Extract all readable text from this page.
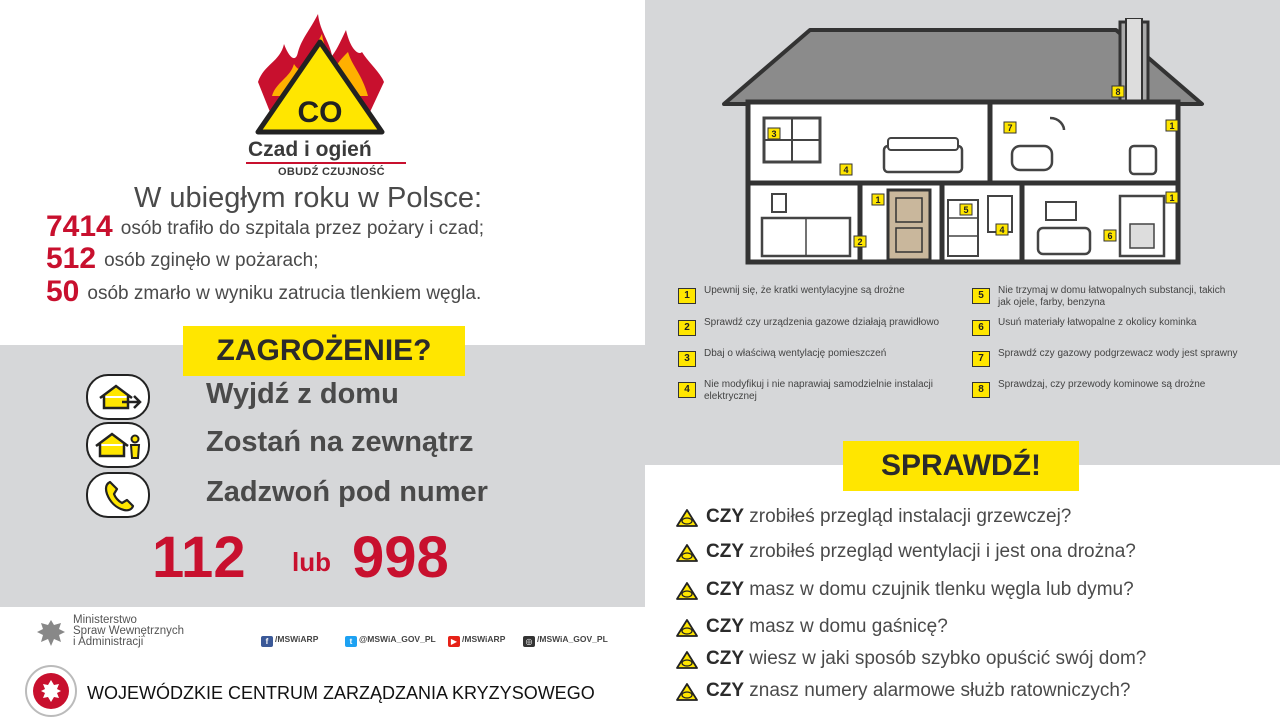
CO
Czad i ogień
OBUDŹ CZUJNOŚĆ
W ubiegłym roku w Polsce:
7414 osób trafiło do szpitala przez pożary i czad;
512 osób zginęło w pożarach;
50 osób zmarło w wyniku zatrucia tlenkiem węgla.
ZAGROŻENIE?
Wyjdź z domu
Zostań na zewnątrz
Zadzwoń pod numer
112 lub 998
Ministerstwo
Spraw Wewnętrznych
i Administracji	f /MSWiARP	t @MSWiA_GOV_PL	▶ /MSWiARP	◎ /MSWiA_GOV_PL
WOJEWÓDZKIE CENTRUM ZARZĄDZANIA KRYZYSOWEGO
8
3
7	1
4
1
2
5
4
1
6
1	Upewnij się, że kratki wentylacyjne są drożne
2	Sprawdź czy urządzenia gazowe działają prawidłowo
3	Dbaj o właściwą wentylację pomieszczeń
4	Nie modyfikuj i nie naprawiaj samodzielnie instalacji elektrycznej
5	Nie trzymaj w domu łatwopalnych substancji, takich jak ojele, farby, benzyna
6	Usuń materiały łatwopalne z okolicy kominka
7	Sprawdź czy gazowy podgrzewacz wody jest sprawny
8	Sprawdzaj, czy przewody kominowe są drożne
SPRAWDŹ!
CZY zrobiłeś przegląd instalacji grzewczej?
CZY zrobiłeś przegląd wentylacji i jest ona drożna?
CZY masz w domu czujnik tlenku węgla lub dymu?
CZY masz w domu gaśnicę?
CZY wiesz w jaki sposób szybko opuścić swój dom?
CZY znasz numery alarmowe służb ratowniczych?
